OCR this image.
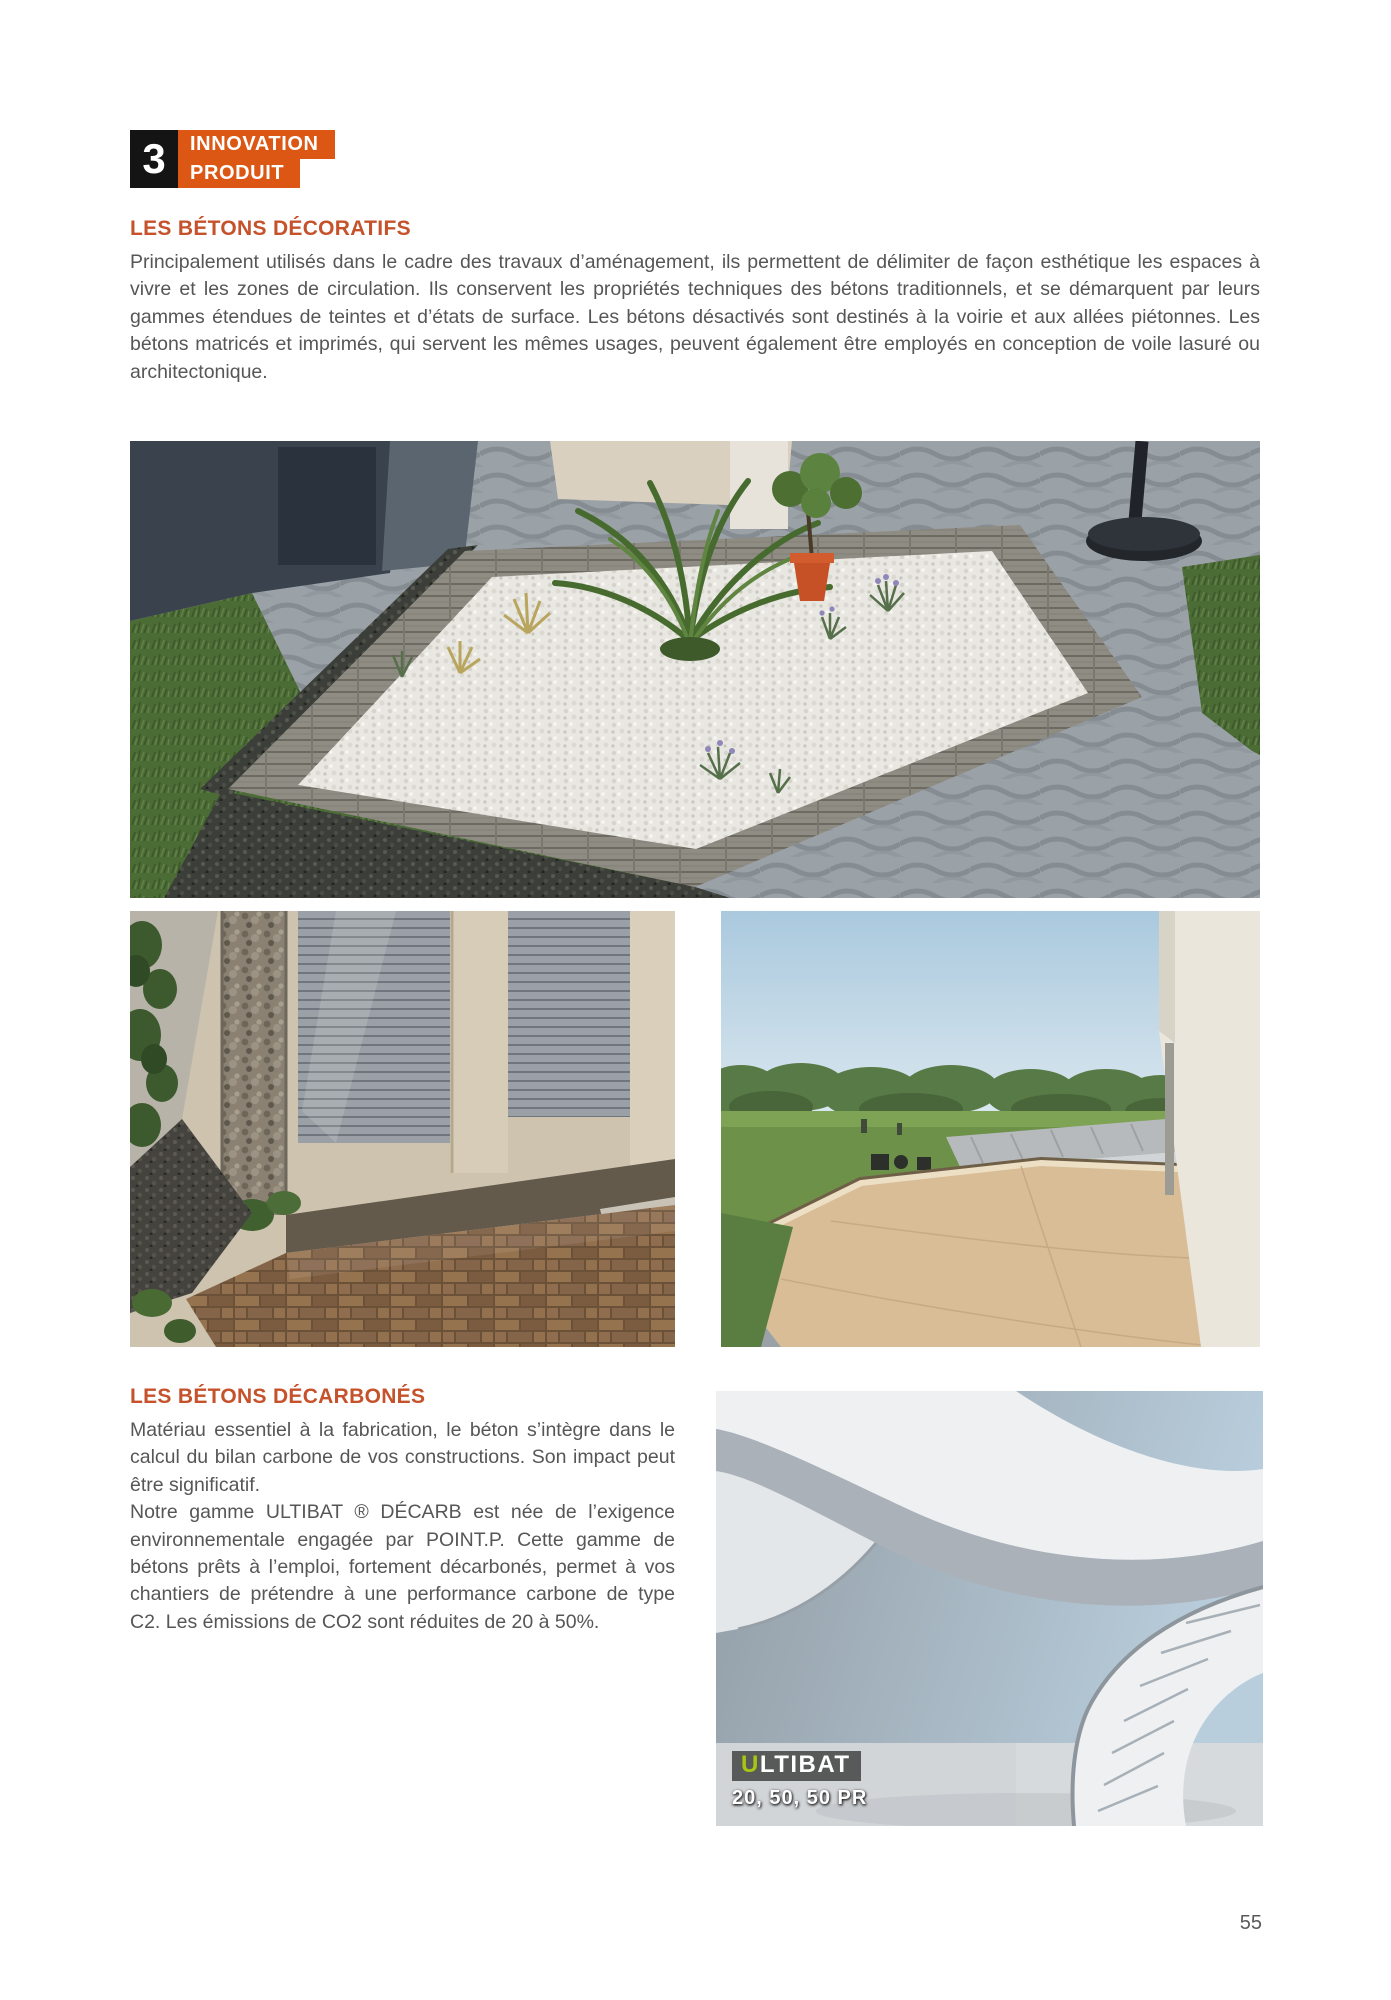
3	INNOVATION
PRODUIT
LES BÉTONS DÉCORATIFS

Principalement utilisés dans le cadre des travaux d’aménagement, ils permettent de délimiter de façon esthétique les espaces à vivre et les zones de circulation. Ils conservent les propriétés techniques des bétons traditionnels, et se démarquent par leurs gammes étendues de teintes et d’états de surface. Les bétons désactivés sont destinés à la voirie et aux allées piétonnes. Les bétons matricés et imprimés, qui servent les mêmes usages, peuvent également être employés en conception de voile lasuré ou architectonique.

LES BÉTONS DÉCARBONÉS

Matériau essentiel à la fabrication, le béton s’intègre dans le calcul du bilan carbone de vos constructions. Son impact peut être significatif.

Notre gamme ULTIBAT ® DÉCARB est née de l’exigence environnementale engagée par POINT.P. Cette gamme de bétons prêts à l’emploi, fortement décarbonés, permet à vos chantiers de prétendre à une performance carbone de type C2. Les émissions de CO2 sont réduites de 20 à 50%.

ULTIBAT
20, 50, 50 PR
55
